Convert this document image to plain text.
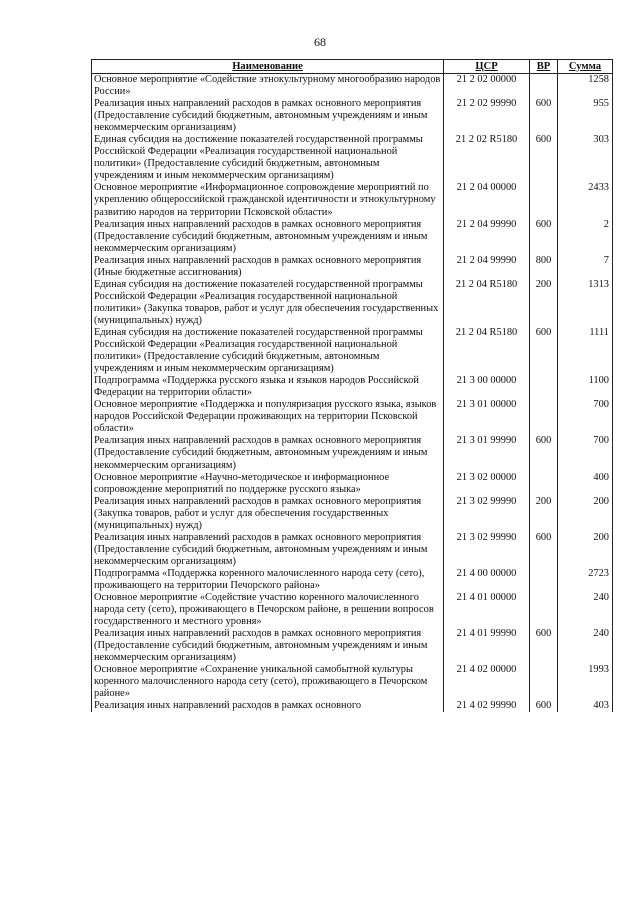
68
Наименование	ЦСР	ВР	Сумма
Основное мероприятие «Содействие этнокультурному многообразию народов России»	21 2 02 00000		1258
Реализация иных направлений расходов в рамках основного мероприятия (Предоставление субсидий бюджетным, автономным учреждениям и иным некоммерческим организациям)	21 2 02 99990	600	955
Единая субсидия на достижение показателей государственной программы Российской Федерации «Реализация государственной национальной политики» (Предоставление субсидий бюджетным, автономным учреждениям и иным некоммерческим организациям)	21 2 02 R5180	600	303
Основное мероприятие «Информационное сопровождение мероприятий по укреплению общероссийской гражданской идентичности и этнокультурному развитию народов на территории Псковской области»	21 2 04 00000		2433
Реализация иных направлений расходов в рамках основного мероприятия (Предоставление субсидий бюджетным, автономным учреждениям и иным некоммерческим организациям)	21 2 04 99990	600	2
Реализация иных направлений расходов в рамках основного мероприятия (Иные бюджетные ассигнования)	21 2 04 99990	800	7
Единая субсидия на достижение показателей государственной программы Российской Федерации «Реализация государственной национальной политики» (Закупка товаров, работ и услуг для обеспечения государственных (муниципальных) нужд)	21 2 04 R5180	200	1313
Единая субсидия на достижение показателей государственной программы Российской Федерации «Реализация государственной национальной политики» (Предоставление субсидий бюджетным, автономным учреждениям и иным некоммерческим организациям)	21 2 04 R5180	600	1111
Подпрограмма «Поддержка русского языка и языков народов Российской Федерации на территории области»	21 3 00 00000		1100
Основное мероприятие «Поддержка и популяризация русского языка, языков народов Российской Федерации проживающих на территории Псковской области»	21 3 01 00000		700
Реализация иных направлений расходов в рамках основного мероприятия (Предоставление субсидий бюджетным, автономным учреждениям и иным некоммерческим организациям)	21 3 01 99990	600	700
Основное мероприятие «Научно-методическое и информационное сопровождение мероприятий по поддержке русского языка»	21 3 02 00000		400
Реализация иных направлений расходов в рамках основного мероприятия (Закупка товаров, работ и услуг для обеспечения государственных (муниципальных) нужд)	21 3 02 99990	200	200
Реализация иных направлений расходов в рамках основного мероприятия (Предоставление субсидий бюджетным, автономным учреждениям и иным некоммерческим организациям)	21 3 02 99990	600	200
Подпрограмма «Поддержка коренного малочисленного народа сету (сето), проживающего на территории Печорского района»	21 4 00 00000		2723
Основное мероприятие «Содействие участию коренного малочисленного народа сету (сето), проживающего в Печорском районе, в решении вопросов государственного и местного уровня»	21 4 01 00000		240
Реализация иных направлений расходов в рамках основного мероприятия (Предоставление субсидий бюджетным, автономным учреждениям и иным некоммерческим организациям)	21 4 01 99990	600	240
Основное мероприятие «Сохранение уникальной самобытной культуры коренного малочисленного народа сету (сето), проживающего в Печорском районе»	21 4 02 00000		1993
Реализация иных направлений расходов в рамках основного	21 4 02 99990	600	403
